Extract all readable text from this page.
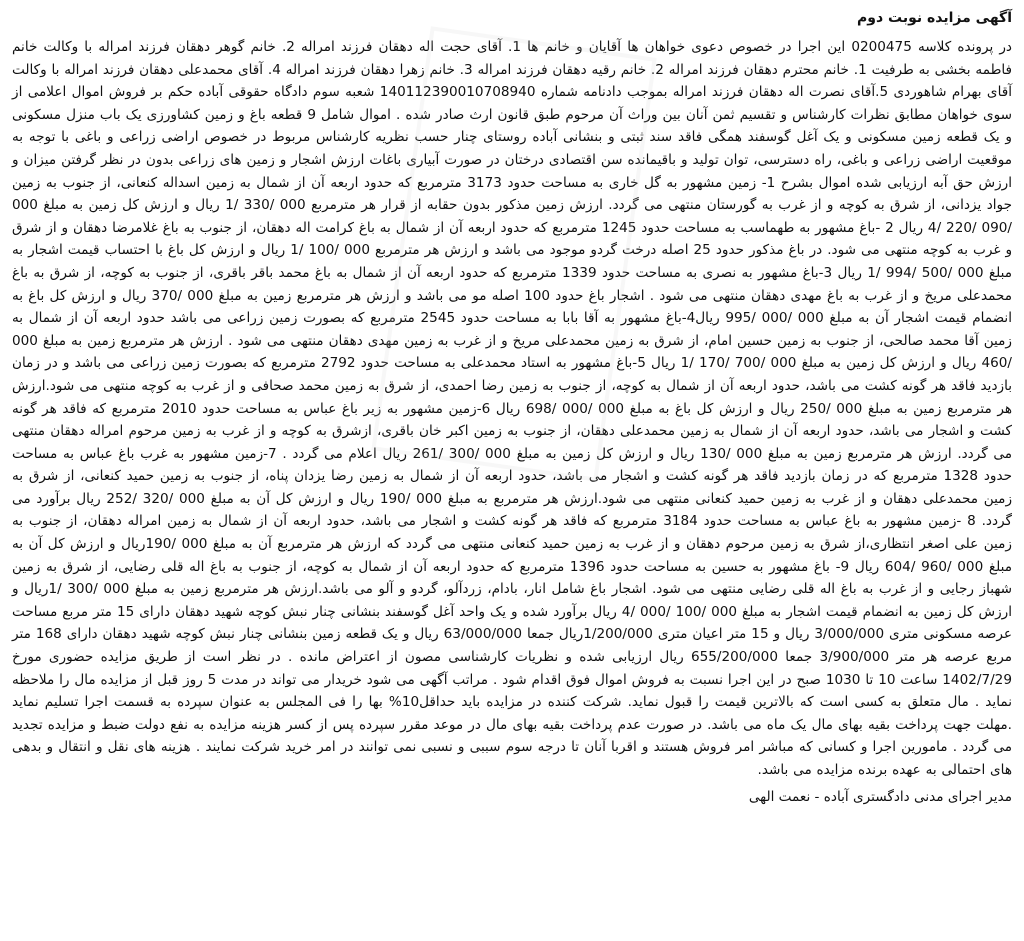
آگهی مزایده نوبت دوم

در پرونده کلاسه 0200475 این اجرا در خصوص دعوی خواهان ها آقایان و خانم ها 1. آقای حجت اله دهقان فرزند امراله 2. خانم گوهر دهقان فرزند امراله با وکالت خانم فاطمه بخشی به طرفیت 1. خانم محترم دهقان فرزند امراله 2. خانم رقیه دهقان فرزند امراله 3. خانم زهرا دهقان فرزند امراله 4. آقای محمدعلی دهقان فرزند امراله با وکالت آقای بهرام شاهوردی 5.آقای نصرت اله دهقان فرزند امراله بموجب دادنامه شماره 140112390010708940 شعبه سوم دادگاه حقوقی آباده حکم بر فروش اموال اعلامی از سوی خواهان مطابق نظرات کارشناس و تقسیم ثمن آنان بین وراث آن مرحوم طبق قانون ارث صادر شده . اموال شامل 9 قطعه باغ و زمین کشاورزی یک باب منزل مسکونی و یک قطعه زمین مسکونی و یک آغل گوسفند همگی فاقد سند ثبتی و بنشانی آباده روستای چنار حسب نظریه کارشناس مربوط در خصوص اراضی زراعی و باغی با توجه به موقعیت اراضی زراعی و باغی، راه دسترسی، توان تولید و باقیمانده سن اقتصادی درختان در صورت آبیاری باغات ارزش اشجار و زمین های زراعی بدون در نظر گرفتن میزان و ارزش حق آبه ارزیابی شده اموال بشرح 1- زمین مشهور به گل خاری به مساحت حدود 3173 مترمربع که حدود اربعه آن از شمال به زمین اسداله کنعانی، از جنوب به زمین جواد یزدانی، از شرق به کوچه و از غرب به گورستان منتهی می گردد. ارزش زمین مذکور بدون حقابه از قرار هر مترمربع 000 /330 /1 ریال و ارزش کل زمین به مبلغ 000 /090 /220 /4 ریال 2 -باغ مشهور به طهماسب به مساحت حدود 1245 مترمربع که حدود اربعه آن از شمال به باغ کرامت اله دهقان، از جنوب به باغ غلامرضا دهقان و از شرق و غرب به کوچه منتهی می شود. در باغ مذکور حدود 25 اصله درخت گردو موجود می باشد و ارزش هر مترمربع 000 /100 /1 ریال و ارزش کل باغ با احتساب قیمت اشجار به مبلغ 000 /500 /994 /1 ریال 3-باغ مشهور به نصری به مساحت حدود 1339 مترمربع که حدود اربعه آن از شمال به باغ محمد باقر باقری، از جنوب به کوچه، از شرق به باغ محمدعلی مریخ و از غرب به باغ مهدی دهقان منتهی می شود . اشجار باغ حدود 100 اصله مو می باشد و ارزش هر مترمربع زمین به مبلغ 000 /370 ریال و ارزش کل باغ به انضمام قیمت اشجار آن به مبلغ 000 /000 /995 ریال4-باغ مشهور به آقا بابا به مساحت حدود 2545 مترمربع که بصورت زمین زراعی می باشد حدود اربعه آن از شمال به زمین آقا محمد صالحی، از جنوب به زمین حسین امام، از شرق به زمین محمدعلی مریخ و از غرب به زمین مهدی دهقان منتهی می شود . ارزش هر مترمربع زمین به مبلغ 000 /460 ریال و ارزش کل زمین به مبلغ 000 /700 /170 /1 ریال 5-باغ مشهور به استاد محمدعلی به مساحت حدود 2792 مترمربع که بصورت زمین زراعی می باشد و در زمان بازدید فاقد هر گونه کشت می باشد، حدود اربعه آن از شمال به کوچه، از جنوب به زمین رضا احمدی، از شرق به زمین محمد صحافی و از غرب به کوچه منتهی می شود.ارزش هر مترمربع زمین به مبلغ 000 /250 ریال و ارزش کل باغ به مبلغ 000 /000 /698 ریال 6-زمین مشهور به زیر باغ عباس به مساحت حدود 2010 مترمربع که فاقد هر گونه کشت و اشجار می باشد، حدود اربعه آن از شمال به زمین محمدعلی دهقان، از جنوب به زمین اکبر خان باقری، ازشرق به کوچه و از غرب به زمین مرحوم امراله دهقان منتهی می گردد. ارزش هر مترمربع زمین به مبلغ 000 /130 ریال و ارزش کل زمین به مبلغ 000 /300 /261 ریال اعلام می گردد . 7-زمین مشهور به غرب باغ عباس به مساحت حدود 1328 مترمربع که در زمان بازدید فاقد هر گونه کشت و اشجار می باشد، حدود اربعه آن از شمال به زمین رضا یزدان پناه، از جنوب به زمین حمید کنعانی، از شرق به زمین محمدعلی دهقان و از غرب به زمین حمید کنعانی منتهی می شود.ارزش هر مترمربع به مبلغ 000 /190 ریال و ارزش کل آن به مبلغ 000 /320 /252 ریال برآورد می گردد. 8 -زمین مشهور به باغ عباس به مساحت حدود 3184 مترمربع که فاقد هر گونه کشت و اشجار می باشد، حدود اربعه آن از شمال به زمین امراله دهقان، از جنوب به زمین علی اصغر انتظاری،از شرق به زمین مرحوم دهقان و از غرب به زمین حمید کنعانی منتهی می گردد که ارزش هر مترمربع آن به مبلغ 000 /190ریال و ارزش کل آن به مبلغ 000 /960 /604 ریال 9- باغ مشهور به حسین به مساحت حدود 1396 مترمربع که حدود اربعه آن از شمال به کوچه، از جنوب به باغ اله قلی رضایی، از شرق به زمین شهباز رجایی و از غرب به باغ اله قلی رضایی منتهی می شود. اشجار باغ شامل انار، بادام، زردآلو، گردو و آلو می باشد.ارزش هر مترمربع زمین به مبلغ 000 /300 /1ریال و ارزش کل زمین به انضمام قیمت اشجار به مبلغ 000 /100 /000 /4 ریال برآورد شده و یک واحد آغل گوسفند بنشانی چنار نبش کوچه شهید دهقان دارای 15 متر مربع مساحت عرصه مسکونی متری 3/000/000 ریال و 15 متر اعیان متری 1/200/000ریال جمعا 63/000/000 ریال و یک قطعه زمین بنشانی چنار نبش کوچه شهید دهقان دارای 168 متر مربع عرصه هر متر 3/900/000 جمعا 655/200/000 ریال ارزیابی شده و نظریات کارشناسی مصون از اعتراض مانده . در نظر است از طریق مزایده حضوری مورخ 1402/7/29 ساعت 10 تا 1030 صبح در این اجرا نسبت به فروش اموال فوق اقدام شود . مراتب آگهی می شود خریدار می تواند در مدت 5 روز قبل از مزایده مال را ملاحظه نماید . مال متعلق به کسی است که بالاترین قیمت را قبول نماید. شرکت کننده در مزایده باید حداقل10% بها را فی المجلس به عنوان سپرده به قسمت اجرا تسلیم نماید .مهلت جهت پرداخت بقیه بهای مال یک ماه می باشد. در صورت عدم پرداخت بقیه بهای مال در موعد مقرر سپرده پس از کسر هزینه مزایده به نفع دولت ضبط و مزایده تجدید می گردد . مامورین اجرا و کسانی که مباشر امر فروش هستند و اقربا آنان تا درجه سوم سببی و نسبی نمی توانند در امر خرید شرکت نمایند . هزینه های نقل و انتقال و بدهی های احتمالی به عهده برنده مزایده می باشد.

مدیر اجرای مدنی دادگستری آباده - نعمت الهی
